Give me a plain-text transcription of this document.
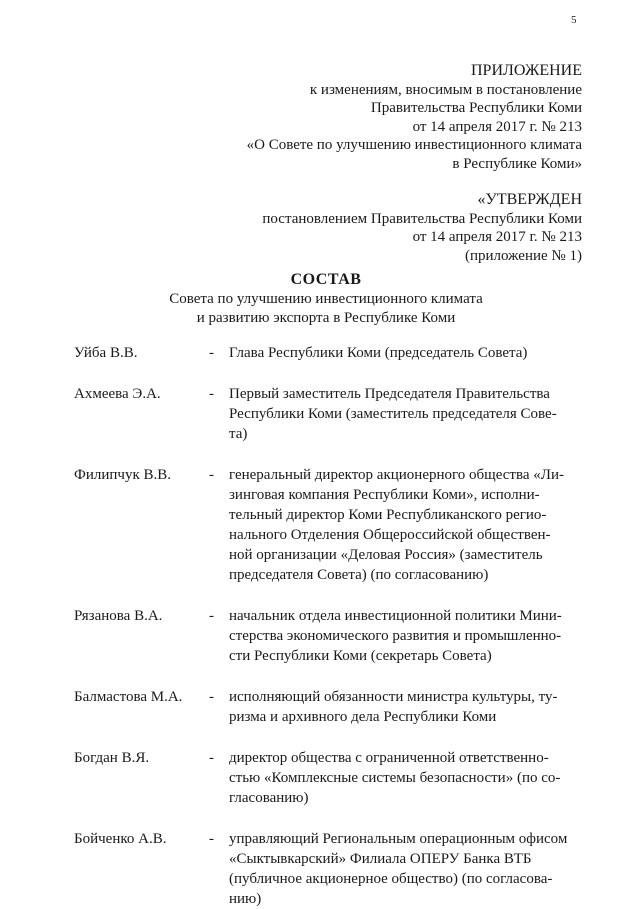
5
ПРИЛОЖЕНИЕ
к изменениям, вносимым в постановление
Правительства Республики Коми
от 14 апреля 2017 г. № 213
«О Совете по улучшению инвестиционного климата
в Республике Коми»
«УТВЕРЖДЕН
постановлением Правительства Республики Коми
от 14 апреля 2017 г. № 213
(приложение № 1)
СОСТАВ
Совета по улучшению инвестиционного климата
и развитию экспорта в Республике Коми
Уйба В.В.	- Глава Республики Коми (председатель Совета)
Ахмеева Э.А.	- Первый заместитель Председателя Правительства
Республики Коми (заместитель председателя Сове-
та)
Филипчук В.В.	- генеральный директор акционерного общества «Ли-
зинговая компания Республики Коми», исполни-
тельный директор Коми Республиканского регио-
нального Отделения Общероссийской обществен-
ной организации «Деловая Россия» (заместитель
председателя Совета) (по согласованию)
Рязанова В.А.	- начальник отдела инвестиционной политики Мини-
стерства экономического развития и промышленно-
сти Республики Коми (секретарь Совета)
Балмастова М.А. - исполняющий обязанности министра культуры, ту-
ризма и архивного дела Республики Коми
Богдан В.Я.	- директор общества с ограниченной ответственно-
стью «Комплексные системы безопасности» (по со-
гласованию)
Бойченко А.В.	- управляющий Региональным операционным офисом
«Сыктывкарский» Филиала ОПЕРУ Банка ВТБ
(публичное акционерное общество) (по согласова-
нию)
